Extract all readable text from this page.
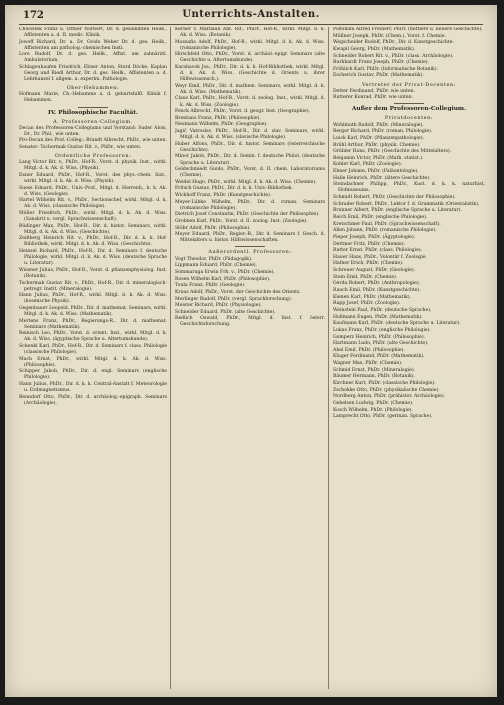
172	Unterrichts-Anstalten.
Chwostek Franz u. Ottner Norbert, Dr. d. gesammten Heilk., Affistenten a. d. II. medic. Klinik.
Jowoff Richard, Dr. u. Dr. Gvido Weber Dr. d. ges. Heilk., Affistenten am patholog.-chemischen Insti.
Lore Rudolf, Dr. d. ges. Heilk., Affist. am zahnärztl. Ambulatorium.
Schlageuhaufen Friedrich, Ebner Anton, Stord Döcke, Kaplan Georg und Riedl Arthur, Dr. d. ges. Heilk., Affistenten a. d. Lehrkanzel f. allgem. u. experim. Pathologie.
Ober-Hebammen:
Hofmann Marie, Ch.-Hebamme a. d. geburtshilfl. Klinik f. Hebammen.
IV. Philosophische Facultät.
A. Professoren-Collegium.
Decan des Professoren-Collegiums und Vorstand: Suder Alois, Dr., Dr. Phil., wie unten.
Pro-Decan des Prof.-Colleg.: Brandt Albrecht, PhDr., wie unten.
Senator: Tschermak Gustav Rit. v., PhDr., wie unten.
Ordentliche Professoren:
Lang Victor Rit. v., PhDr., Hof-R., Vorst. d. physik. Inst., wirkl. Mitgl. d. k. Ak. d. Wiss. (Physik).
Exner Eduard, PhDr., Hof-R., Vorst. des phys.-chem. Inst., wirkl. Mitgl. d. k. Ak. d. Wiss. (Physik).
Suess Eduard, PhDr., Univ.-Prof., Mitgl. d. Herrenh., k. k. Ak. d. Wiss. (Geologie).
Hartel Wilhelm Rit. v., PhDr., Sectionschef, wirkl. Mitgl. d. k. Ak. d. Wiss. (classische Philologie).
Müller Friedrich, PhDr., wirkl. Mitgl. d. k. Ak. d. Wiss. (Sanskrit u. vergl. Sprachwissenschaft).
Büdinger Max, PhDr., Hof-R., Dir. d. histor. Seminars, wirkl. Mitgl. d. k. Ak. d. Wiss. (Geschichte).
Zeißberg Heinrich Rit. v., PhDr., Hof-R., Dir. d. k. k. Hof-Bibliothek, wirkl. Mitgl. d. k. Ak. d. Wiss. (Geschichte).
Heinzel Richard, PhDr., Hof-R., Dir. d. Seminars f. deutsche Philologie, wirkl. Mitgl. d. k. Ak. d. Wiss. (deutsche Sprache u. Literatur).
Wiesner Julius, PhDr., Hof-R., Vorst. d. pflanzenphysiolog. Inst. (Botanik).
Tschermak Gustav Rit. v., PhDr., Hof-R., Dir. d. mineralogisch-petrogr. Instit. (Mineralogie).
Hann Julius, PhDr., Hof-R., wirkl. Mitgl. d. k. Ak. d. Wiss. (kosmische Physik).
Gegenbauer Leopold, PhDr., Dir. d. mathemat. Seminars, wirkl. Mitgl. d. k. Ak. d. Wiss. (Mathematik).
Mertens Franz, PhDr., Regierungs-R., Dir. d. mathemat. Seminars (Mathematik).
Reinisch Leo, PhDr., Vorst. d. orient. Inst., wirkl. Mitgl. d. k. Ak. d. Wiss. (ägyptische Sprache u. Altertumskunde).
Schenkl Karl, PhDr., Hof-R., Dir. d. Seminars f. class. Philologie (classische Philologie).
Mach Ernst, PhDr., wirkl. Mitgl. d. k. Ak. d. Wiss. (Philosophie).
Schipper Jakob, PhDr., Dir. d. engl. Seminars (englische Philologie).
Hann Julius, PhDr., Dir. d. k. k. Central-Anstalt f. Meteorologie u. Erdmagnetismus.
Benndorf Otto, PhDr., Dir. d. archäolog.-epigraph. Seminars (Archäologie).
Kerner v. Marilaun Ant. Rit., PhDr., Hof-R., wirkl. Mitgl. d. k. Ak. d. Wiss. (Botanik).
Mussafia Adolf, PhDr., Hof-R., wirkl. Mitgl. d. k. Ak. d. Wiss. (romanische Philologie).
Hirschfeld Otto, PhDr., Vorst. d. archäol.-epigr. Seminars (alte Geschichte u. Altertumskunde).
Karabacek Jos., PhDr., Dir. d. k. k. Hof-Bibliothek, wirkl. Mitgl. d. k. Ak. d. Wiss. (Geschichte d. Orients u. ihrer Hilfswissensch.).
Weyr Emil, PhDr., Dir. d. mathem. Seminars, wirkl. Mitgl. d. k. Ak. d. Wiss. (Mathematik).
Claus Karl, PhDr., Hof-R., Vorst. d. zoolog. Inst., wirkl. Mitgl. d. k. Ak. d. Wiss. (Zoologie).
Penck Albrecht, PhDr., Vorst. d. geogr. Inst. (Geographie).
Brentano Franz, PhDr. (Philosophie).
Neumann Wilhelm, PhDr. (Geographie).
Jagić Vatroslav, PhDr., Hof-R., Dir. d. slav. Seminars, wirkl. Mitgl. d. k. Ak. d. Wiss. (slavische Philologie).
Huber Alfons, PhDr., Dir. d. histor. Seminars (österreichische Geschichte).
Minor Jakob, PhDr., Dir. d. Semin. f. deutsche Philol. (deutsche Sprache u. Literatur).
Goldschmiedt Guido, PhDr., Vorst. d. II. chem. Laboratoriums (Chemie).
Weidel Hugo, PhDr., wirkl. Mitgl. d. k. Ak. d. Wiss. (Chemie).
Fritsch Gustav, PhDr., Dir. d. k. k. Univ.-Bibliothek.
Wickhoff Franz, PhDr. (Kunstgeschichte).
Meyer-Lübke Wilhelm, PhDr., Dir. d. roman. Seminars (romanische Philologie).
Dietrich Josef Constantin, PhDr. (Geschichte der Philosophie).
Grobben Karl, PhDr., Vorst. d. II. zoolog. Inst. (Zoologie).
Stöhr Adolf, PhDr. (Philosophie).
Meyer Eduard, PhDr., Regier.-R., Dir. d. Seminars f. Gesch. d. Mittelalters u. histor. Hilfswissenschaften.
Außerordentl. Professoren:
Vogt Theodor, PhDr. (Pädagogik).
Lippmann Eduard, PhDr. (Chemie).
Sommaruga Erwin Frh. v., PhDr. (Chemie).
Rosen Wilhelm Karl, PhDr. (Philosophie).
Toula Franz, PhDr. (Geologie).
Kraus Adolf, PhDr., Vorst. der Geschichte des Orients.
Merlinger Rudolf, PhDr. (vergl. Sprachforschung).
Meister Richard, PhDr. (Physiologie).
Schneider Eduard, PhDr. (alte Geschichte).
Redlich Oswald, PhDr., Mitgl. d. Inst. f. österr. Geschichtsforschung.
Pöltsham Alfred Freiherr, PhDr. (mittlere u. neuere Geschichte).
Müllner Joseph, PhDr. (Chem.), Vorst. f. Chemie.
Wegscheider Rudolf, PhDr., Dir. d. Kunstgeschichte.
Kwapil Georg, PhDr. (Mathematik).
Schneider Robert Rit. v., PhDr. (class. Archäologie).
Burkhardt Franz Joseph, PhDr. (Chemie).
Fröhlich Karl, PhDr. (Informatische Botanik).
Escherich Gustav, PhDr. (Mathematik).
Vertreter der Privat-Docenten:
Detter Ferdinand, PhDr. wie unten.
Rutterer Konrad, PhDr. wie unten.
Außer dem Professoren-Collegium.
Privatdocenten:
Wohlmuth Rudolf, PhDr. (Mineralogie).
Berger Richard, PhDr. (roman. Philologie).
Luick Karl, PhDr. (Pflanzenpathologie).
Brühl Arthur, PhDr. (physik. Chemie).
Grübler Hans, PhDr. (Geschichte des Mittelalters).
Benjamin Victor, PhDr. (Math. statist.).
Kohler Karl, PhDr. (Zoologie).
Ebner Johann, PhDr. (Paläontologie).
Halle Heinrich, PhDr. (ältere Geschichte).
Steindachner Philipp, PhDr., Kust. d. k. k. naturhist. Hofmuseums.
Schmidt Robert, PhDr. (Geschichte der Philosophie).
Schrader Robert, PhDr., Lektor f. d. Grammatik (Orientalistik).
Brunner Albert, PhDr. (englische Sprache u. Literatur).
Reich Emil, PhDr. (englische Philologie).
Kretschmer Paul, PhDr. (Sprachwissenschaft).
Allen Johann, PhDr. (romanische Philologie).
Pieper Joseph, PhDr. (Ägyptologie).
Dettmer Fritz, PhDr. (Chemie).
Rutter Ernst, PhDr. (class. Philologie).
Hauer Hans, PhDr., Volontär f. Zoologie.
Hafner Erich, PhDr. (Chemie).
Schreuer August, PhDr. (Geologie).
Stein Emil, PhDr. (Chemie).
Gerda Robert, PhDr. (Anthropologie).
Rauch Emil, PhDr. (Kunstgeschichte).
Kienen Karl, PhDr. (Mathematik).
Rapp Josef, PhDr. (Zoologie).
Weinstein Paul, PhDr. (deutsche Sprache).
Hollmann Eugen, PhDr. (Mathematik).
Kaufmann Karl, PhDr. (deutsche Sprache u. Literatur).
Lukas Franz, PhDr. (englische Philologie).
Gomperz Heinrich, PhDr. (Philosophie).
Hartmann Ludo, PhDr. (alte Geschichte).
Abel Emil, PhDr. (Philosophie).
Kluger Ferdinand, PhDr. (Mathematik).
Wagner Max, PhDr. (Chemie).
Schmid Ernst, PhDr. (Mineralogie).
Bäumer Hermann, PhDr. (Botanik).
Kirchner Kurt, PhDr. (classische Philologie).
Zschokke Otto, PhDr. (physikalische Chemie).
Nordberg Anton, PhDr. (prähistor. Archäologie).
Gebelsen Ludwig, PhDr. (Chemie).
Kosch Wilhelm, PhDr. (Philologie).
Lamprecht Otto, PhDr. (german. Sprache).
